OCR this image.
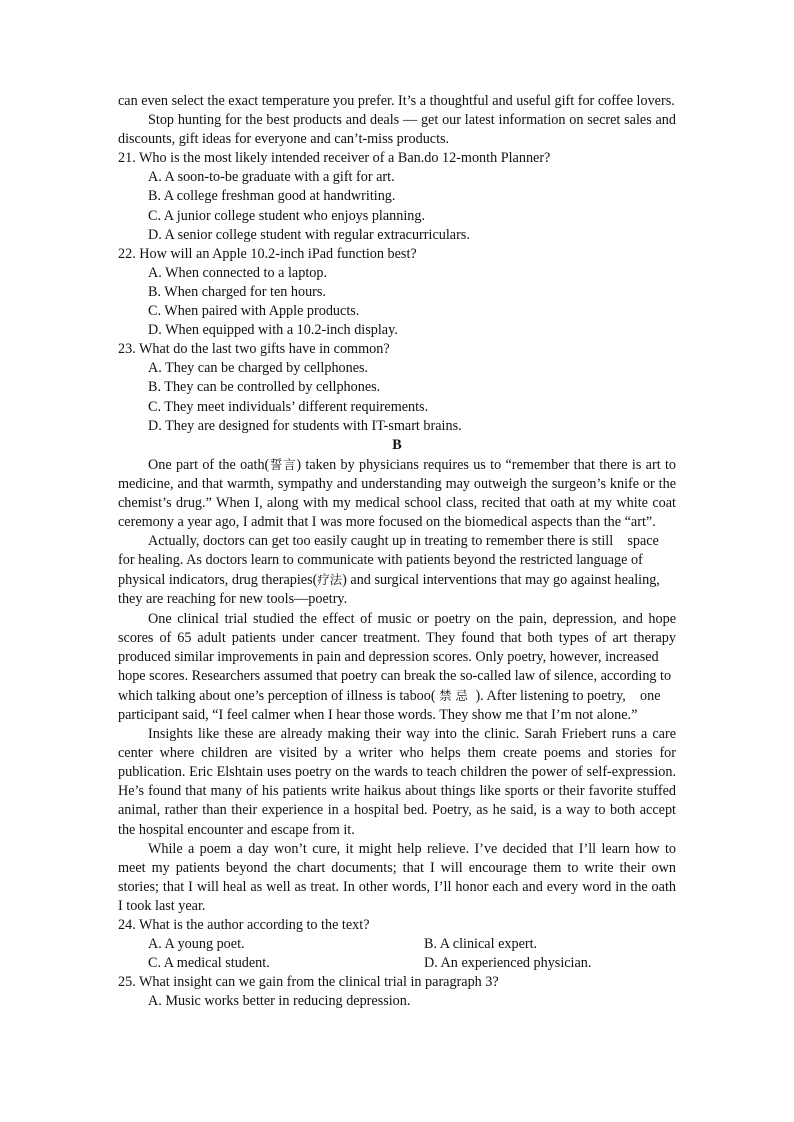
can even select the exact temperature you prefer. It’s a thoughtful and useful gift for coffee lovers.

Stop hunting for the best products and deals — get our latest information on secret sales and discounts, gift ideas for everyone and can’t-miss products.

21. Who is the most likely intended receiver of a Ban.do 12-month Planner?

A. A soon-to-be graduate with a gift for art.

B. A college freshman good at handwriting.

C. A junior college student who enjoys planning.

D. A senior college student with regular extracurriculars.

22. How will an Apple 10.2-inch iPad function best?

A. When connected to a laptop.

B. When charged for ten hours.

C. When paired with Apple products.

D. When equipped with a 10.2-inch display.

23. What do the last two gifts have in common?

A. They can be charged by cellphones.

B. They can be controlled by cellphones.

C. They meet individuals’ different requirements.

D. They are designed for students with IT-smart brains.

B

One part of the oath(誓言) taken by physicians requires us to “remember that there is art to medicine, and that warmth, sympathy and understanding may outweigh the surgeon’s knife or the chemist’s drug.” When I, along with my medical school class, recited that oath at my white coat ceremony a year ago, I admit that I was more focused on the biomedical aspects than the “art”.

Actually, doctors can get too easily caught up in treating to remember there is still    space for healing. As doctors learn to communicate with patients beyond the restricted language of physical indicators, drug therapies(疗法) and surgical interventions that may go against healing, they are reaching for new tools—poetry.

One clinical trial studied the effect of music or poetry on the pain, depression, and hope scores of 65 adult patients under cancer treatment. They found that both types of art therapy produced similar improvements in pain and depression scores. Only poetry, however, increased

hope scores. Researchers assumed that poetry can break the so-called law of silence, according to which talking about one’s perception of illness is taboo( 禁忌 ). After listening to poetry,    one participant said, “I feel calmer when I hear those words. They show me that I’m not alone.”

Insights like these are already making their way into the clinic. Sarah Friebert runs a care center where children are visited by a writer who helps them create poems and stories for publication. Eric Elshtain uses poetry on the wards to teach children the power of self-expression. He’s found that many of his patients write haikus about things like sports or their favorite stuffed animal, rather than their experience in a hospital bed. Poetry, as he said, is a way to both accept   the hospital encounter and escape from it.

While a poem a day won’t cure, it might help relieve. I’ve decided that I’ll learn how to meet my patients beyond the chart documents; that I will encourage them to write their own stories; that I will heal as well as treat. In other words, I’ll honor each and every word in the oath I took last year.

24. What is the author according to the text?

A. A young poet.	B. A clinical expert.
C. A medical student.	D. An experienced physician.

25. What insight can we gain from the clinical trial in paragraph 3?

A. Music works better in reducing depression.
